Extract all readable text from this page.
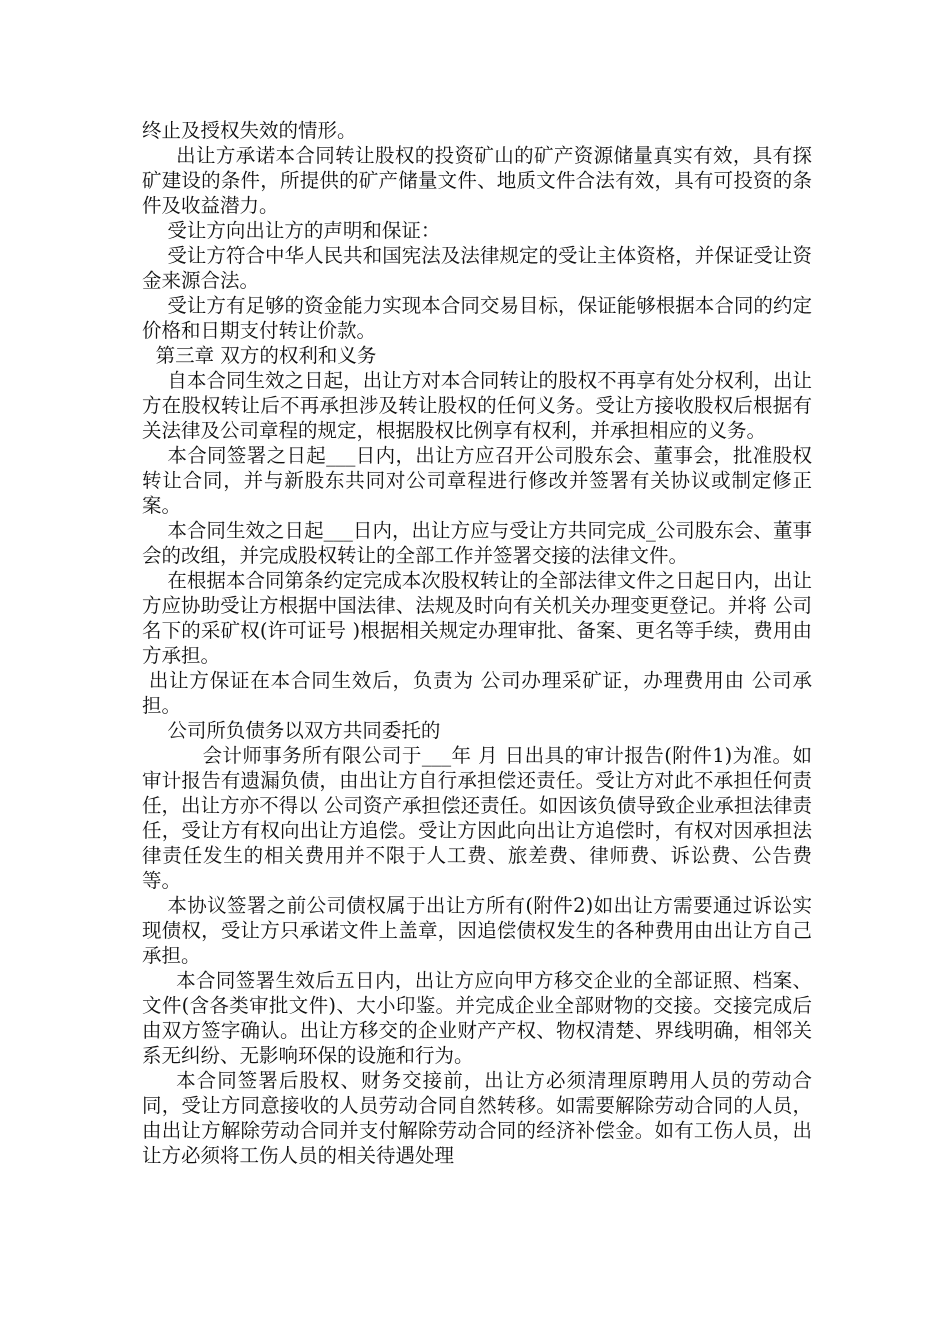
终止及授权失效的情形。

出让方承诺本合同转让股权的投资矿山的矿产资源储量真实有效，具有探矿建设的条件，所提供的矿产储量文件、地质文件合法有效，具有可投资的条件及收益潜力。

受让方向出让方的声明和保证：

受让方符合中华人民共和国宪法及法律规定的受让主体资格，并保证受让资金来源合法。

受让方有足够的资金能力实现本合同交易目标，保证能够根据本合同的约定价格和日期支付转让价款。

第三章 双方的权利和义务

自本合同生效之日起，出让方对本合同转让的股权不再享有处分权利，出让方在股权转让后不再承担涉及转让股权的任何义务。受让方接收股权后根据有关法律及公司章程的规定，根据股权比例享有权利，并承担相应的义务。

本合同签署之日起___日内，出让方应召开公司股东会、董事会，批准股权转让合同，并与新股东共同对公司章程进行修改并签署有关协议或制定修正案。

本合同生效之日起___日内，出让方应与受让方共同完成_公司股东会、董事会的改组，并完成股权转让的全部工作并签署交接的法律文件。

在根据本合同第条约定完成本次股权转让的全部法律文件之日起日内，出让方应协助受让方根据中国法律、法规及时向有关机关办理变更登记。并将 公司名下的采矿权(许可证号 )根据相关规定办理审批、备案、更名等手续，费用由 方承担。

出让方保证在本合同生效后，负责为 公司办理采矿证，办理费用由 公司承担。

公司所负债务以双方共同委托的

会计师事务所有限公司于___年 月 日出具的审计报告(附件1)为准。如审计报告有遗漏负债，由出让方自行承担偿还责任。受让方对此不承担任何责任，出让方亦不得以 公司资产承担偿还责任。如因该负债导致企业承担法律责任，受让方有权向出让方追偿。受让方因此向出让方追偿时，有权对因承担法律责任发生的相关费用并不限于人工费、旅差费、律师费、诉讼费、公告费等。

本协议签署之前公司债权属于出让方所有(附件2)如出让方需要通过诉讼实现债权，受让方只承诺文件上盖章，因追偿债权发生的各种费用由出让方自己承担。

本合同签署生效后五日内，出让方应向甲方移交企业的全部证照、档案、文件(含各类审批文件)、大小印鉴。并完成企业全部财物的交接。交接完成后由双方签字确认。出让方移交的企业财产产权、物权清楚、界线明确，相邻关系无纠纷、无影响环保的设施和行为。

本合同签署后股权、财务交接前，出让方必须清理原聘用人员的劳动合同，受让方同意接收的人员劳动合同自然转移。如需要解除劳动合同的人员，由出让方解除劳动合同并支付解除劳动合同的经济补偿金。如有工伤人员，出让方必须将工伤人员的相关待遇处理
